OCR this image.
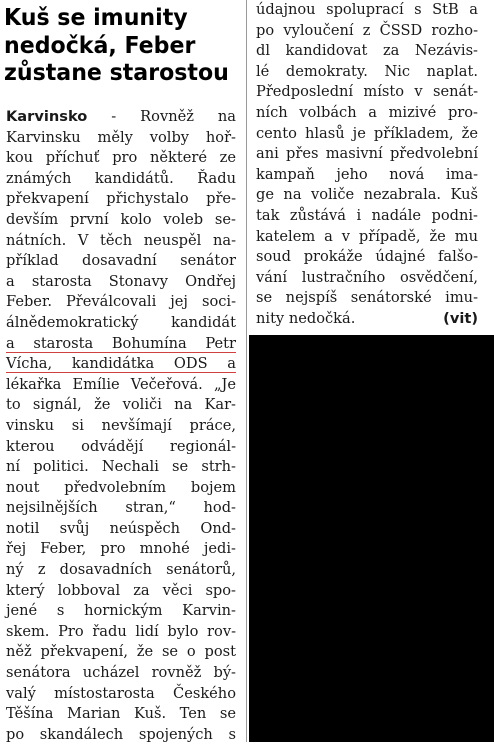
Kuš se imunity
nedočká, Feber
zůstane starostou
Karvinsko - Rovněž na
Karvinsku měly volby hoř-
kou příchuť pro některé ze
známých kandidátů. Řadu
překvapení přichystalo pře-
devším první kolo voleb se-
nátních. V těch neuspěl na-
příklad dosavadní senátor
a starosta Stonavy Ondřej
Feber. Převálcovali jej soci-
álnědemokratický kandidát
a starosta Bohumína Petr
Vícha, kandidátka ODS a
lékařka Emílie Večeřová. „Je
to signál, že voliči na Kar-
vinsku si nevšímají práce,
kterou odvádějí regionál-
ní politici. Nechali se strh-
nout předvolebním bojem
nejsilnějších stran,“ hod-
notil svůj neúspěch Ond-
řej Feber, pro mnohé jedi-
ný z dosavadních senátorů,
který lobboval za věci spo-
jené s hornickým Karvin-
skem. Pro řadu lidí bylo rov-
něž překvapení, že se o post
senátora ucházel rovněž bý-
valý místostarosta Českého
Těšína Marian Kuš. Ten se
po skandálech spojených s
údajnou spoluprací s StB a
po vyloučení z ČSSD rozho-
dl kandidovat za Nezávis-
lé demokraty. Nic naplat.
Předposlední místo v senát-
ních volbách a mizivé pro-
cento hlasů je příkladem, že
ani přes masivní předvolební
kampaň jeho nová ima-
ge na voliče nezabrala. Kuš
tak zůstává i nadále podni-
katelem a v případě, že mu
soud prokáže údajné falšo-
vání lustračního osvědčení,
se nejspíš senátorské imu-
nity nedočká.	(vit)
